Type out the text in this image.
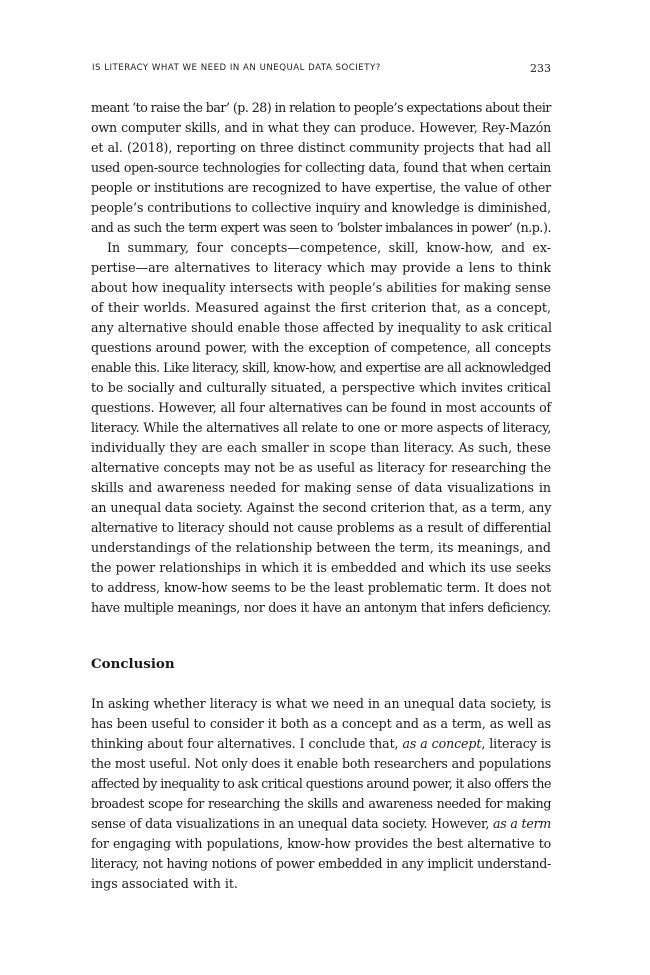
IS LITERACY WHAT WE NEED IN AN UNEQUAL DATA SOCIETY?	233
meant ‘to raise the bar’ (p. 28) in relation to people’s expectations about their
own computer skills, and in what they can produce. However, Rey-Mazón
et al. (2018), reporting on three distinct community projects that had all
used open-source technologies for collecting data, found that when certain
people or institutions are recognized to have expertise, the value of other
people’s contributions to collective inquiry and knowledge is diminished,
and as such the term expert was seen to ‘bolster imbalances in power’ (n.p.).
In summary, four concepts—competence, skill, know-how, and ex-
pertise—are alternatives to literacy which may provide a lens to think
about how inequality intersects with people’s abilities for making sense
of their worlds. Measured against the first criterion that, as a concept,
any alternative should enable those affected by inequality to ask critical
questions around power, with the exception of competence, all concepts
enable this. Like literacy, skill, know-how, and expertise are all acknowledged
to be socially and culturally situated, a perspective which invites critical
questions. However, all four alternatives can be found in most accounts of
literacy. While the alternatives all relate to one or more aspects of literacy,
individually they are each smaller in scope than literacy. As such, these
alternative concepts may not be as useful as literacy for researching the
skills and awareness needed for making sense of data visualizations in
an unequal data society. Against the second criterion that, as a term, any
alternative to literacy should not cause problems as a result of differential
understandings of the relationship between the term, its meanings, and
the power relationships in which it is embedded and which its use seeks
to address, know-how seems to be the least problematic term. It does not
have multiple meanings, nor does it have an antonym that infers deficiency.
Conclusion
In asking whether literacy is what we need in an unequal data society, is
has been useful to consider it both as a concept and as a term, as well as
thinking about four alternatives. I conclude that, as a concept, literacy is
the most useful. Not only does it enable both researchers and populations
affected by inequality to ask critical questions around power, it also offers the
broadest scope for researching the skills and awareness needed for making
sense of data visualizations in an unequal data society. However, as a term
for engaging with populations, know-how provides the best alternative to
literacy, not having notions of power embedded in any implicit understand-
ings associated with it.
